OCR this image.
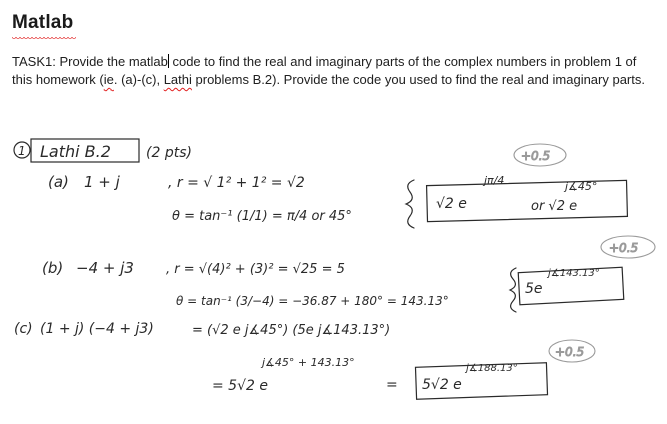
Matlab
TASK1: Provide the matlab code to find the real and imaginary parts of the complex numbers in problem 1 of this homework (ie. (a)-(c), Lathi problems B.2). Provide the code you used to find the real and imaginary parts.
1 Lathi B.2	(2 pts)
(a) 1 + j	, r = √ 1² + 1² = √2
θ = tan⁻¹ (1/1) = π/4 or 45°
√2 e
jπ/4
or √2 e
j∡45°
+0.5
(b) −4 + j3 , r = √(4)² + (3)² = √25 = 5
θ = tan⁻¹ (3/−4) = −36.87 + 180° = 143.13°
5e
j∡143.13°
+0.5
(c) (1 + j) (−4 + j3)	= (√2 e j∡45°) (5e j∡143.13°)
= 5√2 e
j∡45° + 143.13°
= 5√2 e
j∡188.13°
+0.5
